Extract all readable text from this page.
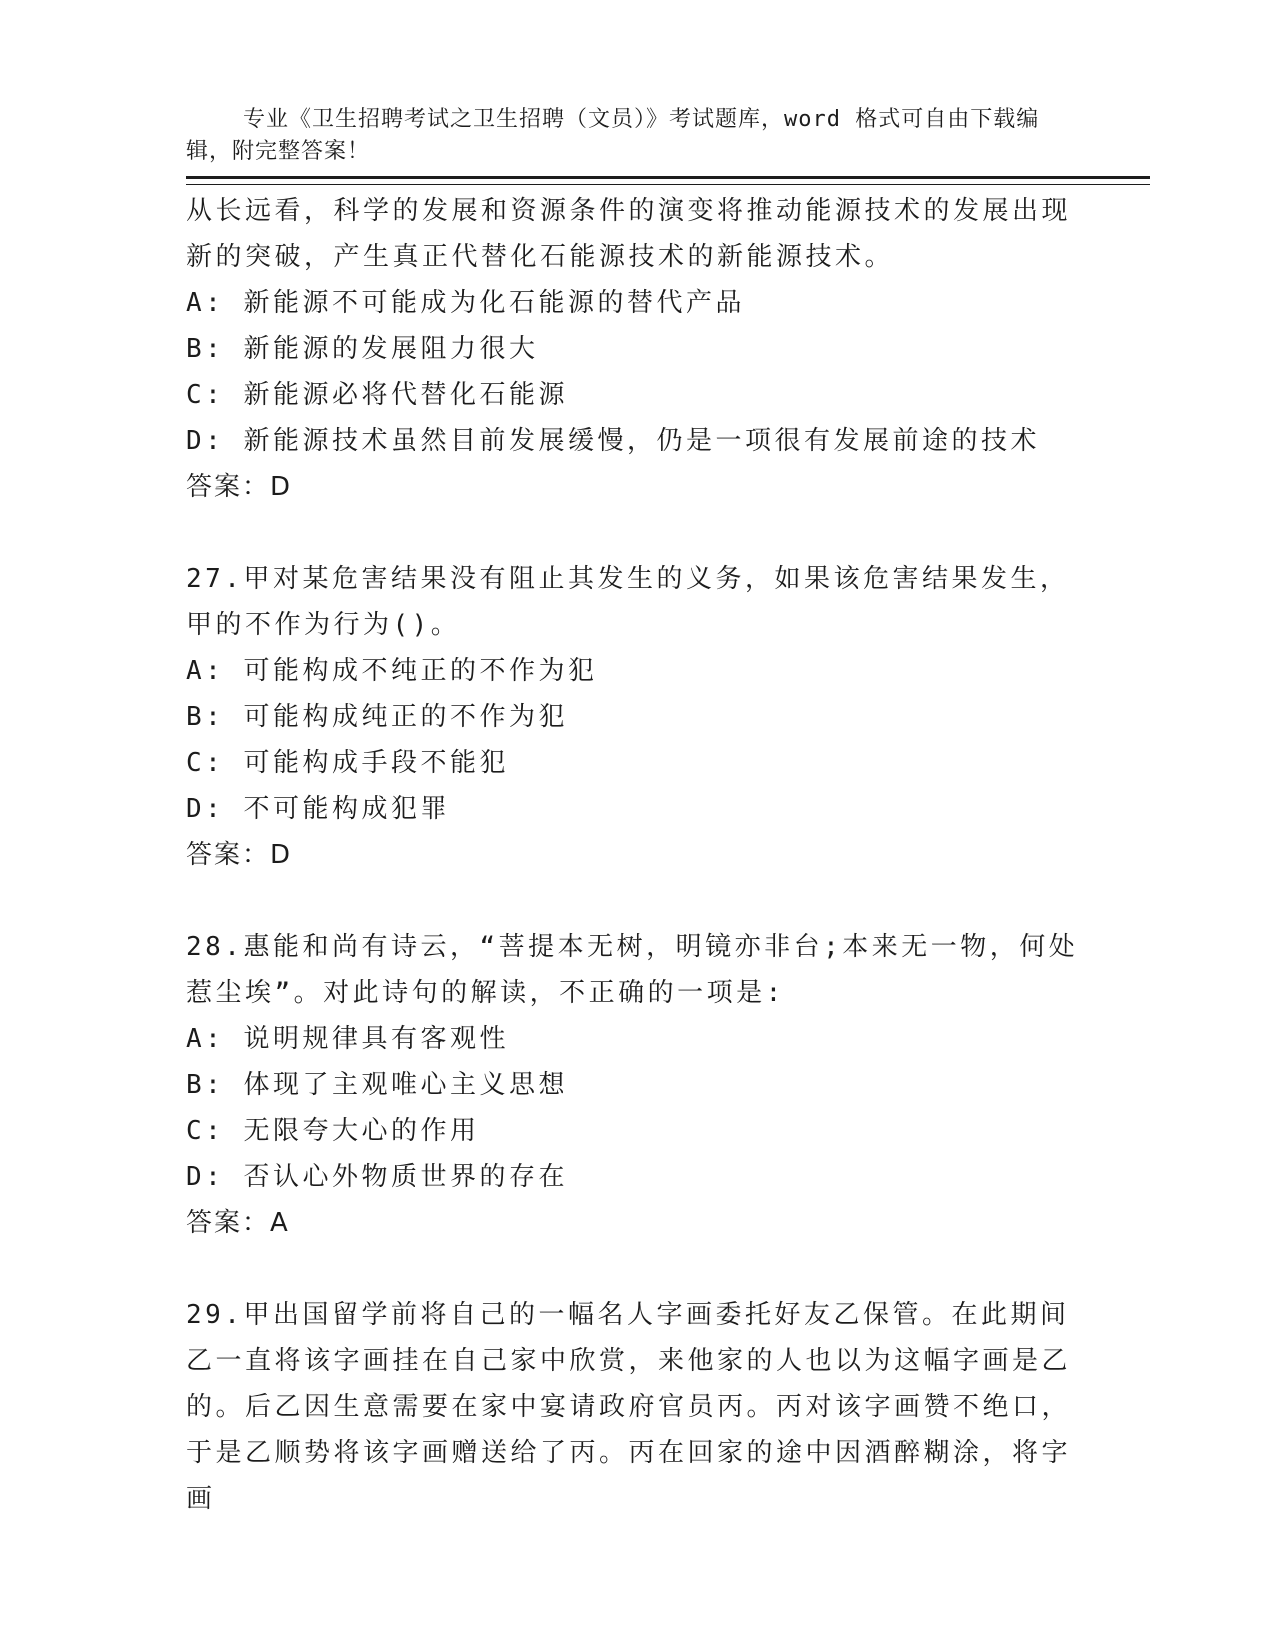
专业《卫生招聘考试之卫生招聘（文员）》考试题库，word 格式可自由下载编辑，附完整答案！

从长远看，科学的发展和资源条件的演变将推动能源技术的发展出现新的突破，产生真正代替化石能源技术的新能源技术。

A: 新能源不可能成为化石能源的替代产品

B: 新能源的发展阻力很大

C: 新能源必将代替化石能源

D: 新能源技术虽然目前发展缓慢，仍是一项很有发展前途的技术

答案：D

27.甲对某危害结果没有阻止其发生的义务，如果该危害结果发生，甲的不作为行为()。

A: 可能构成不纯正的不作为犯

B: 可能构成纯正的不作为犯

C: 可能构成手段不能犯

D: 不可能构成犯罪

答案：D

28.惠能和尚有诗云，“菩提本无树，明镜亦非台;本来无一物，何处惹尘埃”。对此诗句的解读，不正确的一项是:

A: 说明规律具有客观性

B: 体现了主观唯心主义思想

C: 无限夸大心的作用

D: 否认心外物质世界的存在

答案：A

29.甲出国留学前将自己的一幅名人字画委托好友乙保管。在此期间乙一直将该字画挂在自己家中欣赏，来他家的人也以为这幅字画是乙的。后乙因生意需要在家中宴请政府官员丙。丙对该字画赞不绝口，于是乙顺势将该字画赠送给了丙。丙在回家的途中因酒醉糊涂，将字画
